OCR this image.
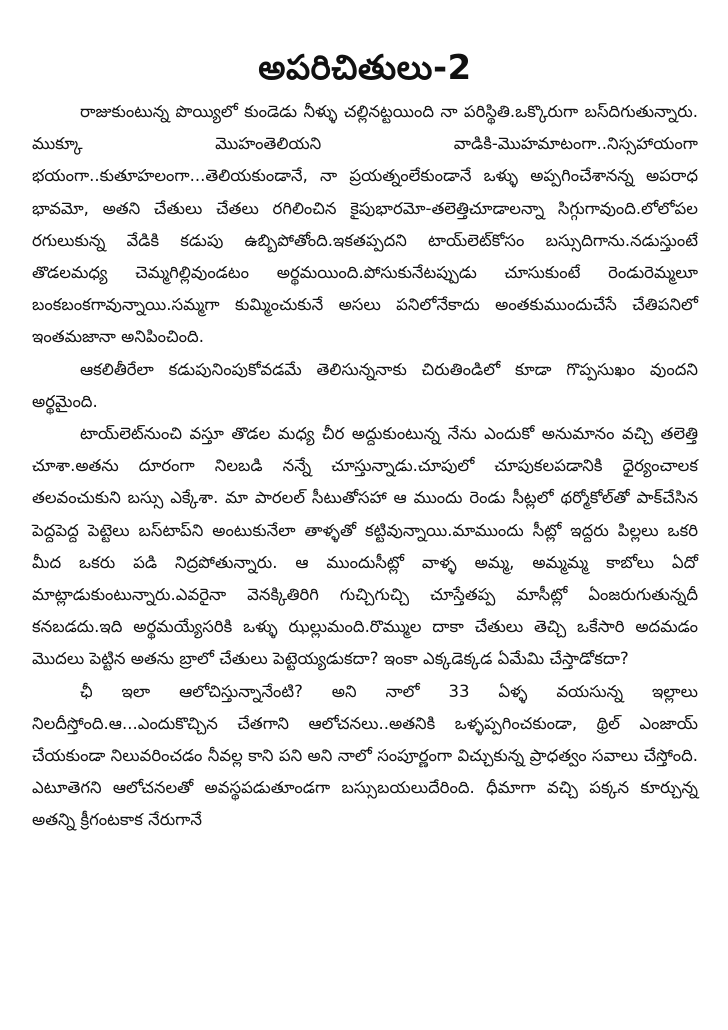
అపరిచితులు-2

రాజుకుంటున్న పొయ్యిలో కుండెడు నీళ్ళు చల్లినట్టయింది నా పరిస్థితి.ఒక్కొరుగా బస్‌దిగుతున్నారు. ముక్కూ మొహంతెలియని వాడికి-మొహమాటంగా..నిస్సహాయంగా భయంగా..కుతూహలంగా...తెలియకుండానే, నా ప్రయత్నంలేకుండానే ఒళ్ళు అప్పగించేశానన్న అపరాధ భావమో, అతని చేతులు చేతలు రగిలించిన కైపుభారమో-తలెత్తిచూడాలన్నా సిగ్గుగావుంది.లోలోపల రగులుకున్న వేడికి కడుపు ఉబ్బిపోతోంది.ఇకతప్పదని టాయ్‌లెట్‌కోసం బస్సుదిగాను.నడుస్తుంటే తొడలమధ్య చెమ్మగిల్లివుండటం అర్థమయింది.పోసుకునేటప్పుడు చూసుకుంటే రెండురెమ్మలూ బంకబంకగావున్నాయి.సమ్మగా కుమ్మించుకునే అసలు పనిలోనేకాదు అంతకుముందుచేసే చేతిపనిలో ఇంతమజానా అనిపించింది.

ఆకలితీరేలా కడుపునింపుకోవడమే తెలిసున్ననాకు చిరుతిండిలో కూడా గొప్పసుఖం వుందని అర్థమైంది.

టాయ్‌లెట్‌నుంచి వస్తూ తొడల మధ్య చీర అద్దుకుంటున్న నేను ఎందుకో అనుమానం వచ్చి తలెత్తి చూశా.అతను దూరంగా నిలబడి నన్నే చూస్తున్నాడు.చూపులో చూపుకలపడానికి ధైర్యంచాలక తలవంచుకుని బస్సు ఎక్కేశా. మా పారలల్ సీటుతోసహా ఆ ముందు రెండు సీట్లలో థర్మోకోల్‌తో పాక్‌చేసిన పెద్దపెద్ద పెట్టెలు బస్‌టాప్‌ని అంటుకునేలా తాళ్ళతో కట్టివున్నాయి.మాముందు సీట్లో ఇద్దరు పిల్లలు ఒకరి మీద ఒకరు పడి నిద్రపోతున్నారు. ఆ ముందుసీట్లో వాళ్ళ అమ్మ, అమ్మమ్మ కాబోలు ఏదో మాట్లాడుకుంటున్నారు.ఎవరైనా వెనక్కితిరిగి గుచ్చిగుచ్చి చూస్తేతప్ప మాసీట్లో ఏంజరుగుతున్నదీ కనబడదు.ఇది అర్థమయ్యేసరికి ఒళ్ళు ఝల్లుమంది.రొమ్ముల దాకా చేతులు తెచ్చి ఒకేసారి అదమడం మొదలు పెట్టిన అతను బ్రాలో చేతులు పెట్టెయ్యడుకదా? ఇంకా ఎక్కడెక్కడ ఏమేమి చేస్తాడోకదా?

ఛీ ఇలా ఆలోచిస్తున్నానేంటి? అని నాలో 33 ఏళ్ళ వయసున్న ఇల్లాలు నిలదీస్తోంది.ఆ...ఎందుకొచ్చిన చేతగాని ఆలోచనలు..అతనికి ఒళ్ళప్పగించకుండా, థ్రిల్ ఎంజాయ్ చేయకుండా నిలువరించడం నీవల్ల కాని పని అని నాలో సంపూర్ణంగా విచ్చుకున్న ప్రాధత్వం సవాలు చేస్తోంది. ఎటూతెగని ఆలోచనలతో అవస్థపడుతూండగా బస్సుబయలుదేరింది. ధీమాగా వచ్చి పక్కన కూర్చున్న అతన్ని క్రీగంటకాక నేరుగానే
